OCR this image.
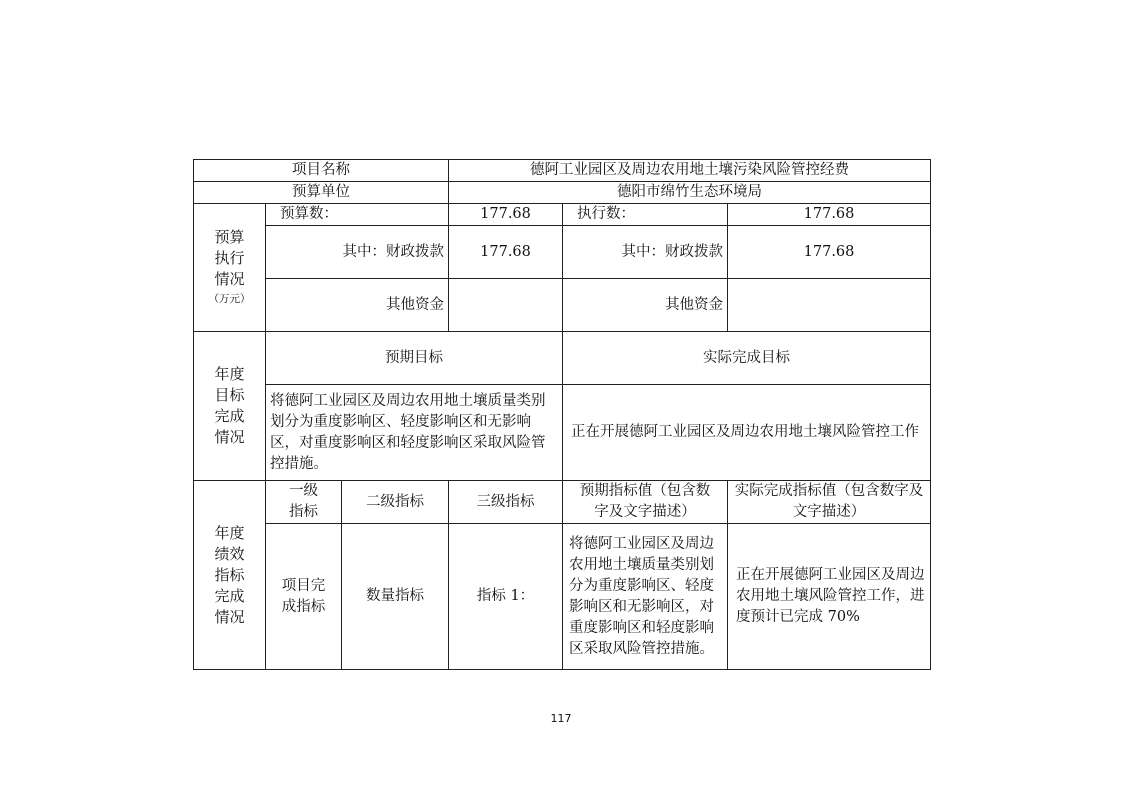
项目名称			德阿工业园区及周边农用地土壤污染风险管控经费		
预算单位			德阳市绵竹生态环境局		

预算
执行
情况
（万元）	预算数：		177.68	执行数：	177.68
	其中：财政拨款		177.68	其中：财政拨款	177.68
	其他资金			其他资金	

年度
目标
完成
情况	预期目标			实际完成目标	
	将德阿工业园区及周边农用地土壤质量类别划分为重度影响区、轻度影响区和无影响区，对重度影响区和轻度影响区采取风险管控措施。			正在开展德阿工业园区及周边农用地土壤风险管控工作	

年度
绩效
指标
完成
情况	一级指标	二级指标	三级指标	预期指标值（包含数字及文字描述）	实际完成指标值（包含数字及文字描述）
	项目完成指标	数量指标	指标 1：	将德阿工业园区及周边农用地土壤质量类别划分为重度影响区、轻度影响区和无影响区，对重度影响区和轻度影响区采取风险管控措施。	正在开展德阿工业园区及周边农用地土壤风险管控工作，进度预计已完成 70%
117
